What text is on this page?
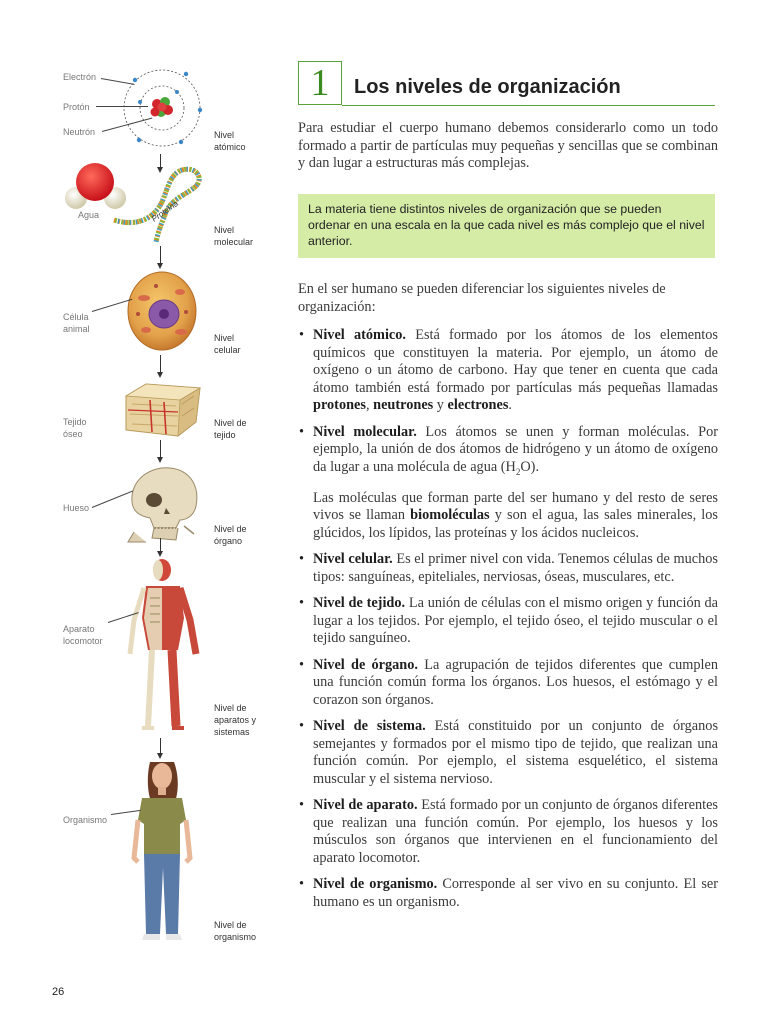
Electrón
Protón
Neutrón	Nivel
atómico
Agua	Proteína
Nivel
molecular
Célula
animal
Nivel
celular
Tejido
óseo
Nivel de
tejido
Hueso
Nivel de
órgano
Aparato
locomotor
Nivel de
aparatos y
sistemas
Organismo
Nivel de
organismo
1	Los niveles de organización
Para estudiar el cuerpo humano debemos considerarlo como un todo formado a partir de partículas muy pequeñas y sencillas que se combinan y dan lugar a estructuras más complejas.
La materia tiene distintos niveles de organización que se pueden ordenar en una escala en la que cada nivel es más complejo que el nivel anterior.
En el ser humano se pueden diferenciar los siguientes niveles de organización:
• Nivel atómico. Está formado por los átomos de los elementos químicos que constituyen la materia. Por ejemplo, un átomo de oxígeno o un átomo de carbono. Hay que tener en cuenta que cada átomo también está formado por partículas más pequeñas llamadas protones, neutrones y electrones.

• Nivel molecular. Los átomos se unen y forman moléculas. Por ejemplo, la unión de dos átomos de hidrógeno y un átomo de oxígeno da lugar a una molécula de agua $(H_2O)$.

Las moléculas que forman parte del ser humano y del resto de seres vivos se llaman biomoléculas y son el agua, las sales minerales, los glúcidos, los lípidos, las proteínas y los ácidos nucleicos.

• Nivel celular. Es el primer nivel con vida. Tenemos células de muchos tipos: sanguíneas, epiteliales, nerviosas, óseas, musculares, etc.
• Nivel de tejido. La unión de células con el mismo origen y función da lugar a los tejidos. Por ejemplo, el tejido óseo, el tejido muscular o el tejido sanguíneo.
• Nivel de órgano. La agrupación de tejidos diferentes que cumplen una función común forma los órganos. Los huesos, el estómago y el corazon son órganos.
• Nivel de sistema. Está constituido por un conjunto de órganos semejantes y formados por el mismo tipo de tejido, que realizan una función común. Por ejemplo, el sistema esquelético, el sistema muscular y el sistema nervioso.
• Nivel de aparato. Está formado por un conjunto de órganos diferentes que realizan una función común. Por ejemplo, los huesos y los músculos son órganos que intervienen en el funcionamiento del aparato locomotor.
• Nivel de organismo. Corresponde al ser vivo en su conjunto. El ser humano es un organismo.
26
